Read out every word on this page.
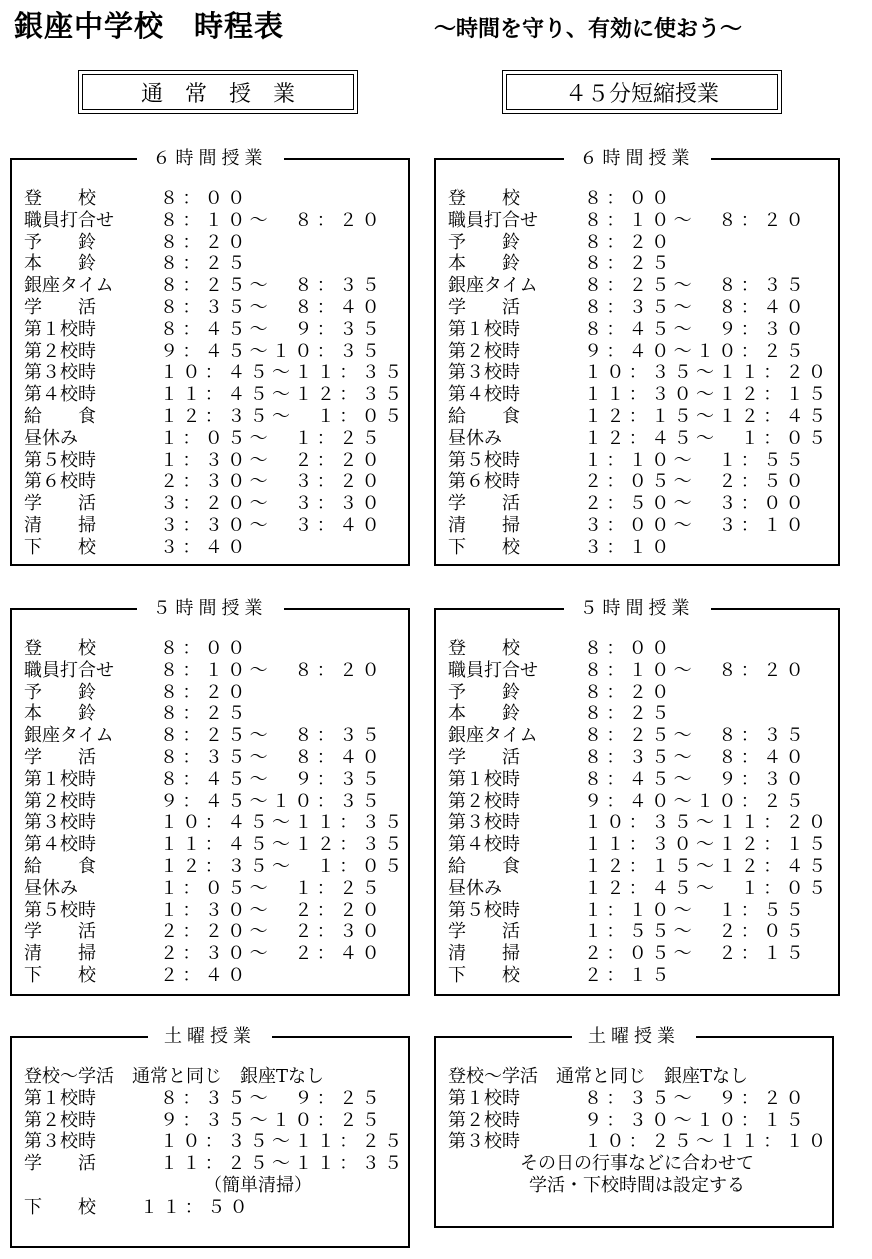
銀座中学校　時程表	～時間を守り、有効に使おう～
通　常　授　業	４５分短縮授業
６時間授業
登　　校	８：００
職員打合せ	８：１０～　８：２０
予　　鈴	８：２０
本　　鈴	８：２５
銀座タイム	８：２５～　８：３５
学　　活	８：３５～　８：４０
第１校時	８：４５～　９：３５
第２校時	９：４５～１０：３５
第３校時	１０：４５～１１：３５
第４校時	１１：４５～１２：３５
給　　食	１２：３５～　１：０５
昼休み	１：０５～　１：２５
第５校時	１：３０～　２：２０
第６校時	２：３０～　３：２０
学　　活	３：２０～　３：３０
清　　掃	３：３０～　３：４０
下　　校	３：４０
６時間授業
登　　校	８：００
職員打合せ	８：１０～　８：２０
予　　鈴	８：２０
本　　鈴	８：２５
銀座タイム	８：２５～　８：３５
学　　活	８：３５～　８：４０
第１校時	８：４５～　９：３０
第２校時	９：４０～１０：２５
第３校時	１０：３５～１１：２０
第４校時	１１：３０～１２：１５
給　　食	１２：１５～１２：４５
昼休み	１２：４５～　１：０５
第５校時	１：１０～　１：５５
第６校時	２：０５～　２：５０
学　　活	２：５０～　３：００
清　　掃	３：００～　３：１０
下　　校	３：１０
５時間授業
登　　校	８：００
職員打合せ	８：１０～　８：２０
予　　鈴	８：２０
本　　鈴	８：２５
銀座タイム	８：２５～　８：３５
学　　活	８：３５～　８：４０
第１校時	８：４５～　９：３５
第２校時	９：４５～１０：３５
第３校時	１０：４５～１１：３５
第４校時	１１：４５～１２：３５
給　　食	１２：３５～　１：０５
昼休み	１：０５～　１：２５
第５校時	１：３０～　２：２０
学　　活	２：２０～　２：３０
清　　掃	２：３０～　２：４０
下　　校	２：４０
５時間授業
登　　校	８：００
職員打合せ	８：１０～　８：２０
予　　鈴	８：２０
本　　鈴	８：２５
銀座タイム	８：２５～　８：３５
学　　活	８：３５～　８：４０
第１校時	８：４５～　９：３０
第２校時	９：４０～１０：２５
第３校時	１０：３５～１１：２０
第４校時	１１：３０～１２：１５
給　　食	１２：１５～１２：４５
昼休み	１２：４５～　１：０５
第５校時	１：１０～　１：５５
学　　活	１：５５～　２：０５
清　　掃	２：０５～　２：１５
下　　校	２：１５
土曜授業
登校～学活　通常と同じ　銀座Tなし
第１校時	８：３５～　９：２５
第２校時	９：３５～１０：２５
第３校時	１０：３５～１１：２５
学　　活	１１：２５～１１：３５
（簡単清掃）
下　　校 １１：５０
土曜授業
登校～学活　通常と同じ　銀座Tなし
第１校時	８：３５～　９：２０
第２校時	９：３０～１０：１５
第３校時	１０：２５～１１：１０
その日の行事などに合わせて
学活・下校時間は設定する
